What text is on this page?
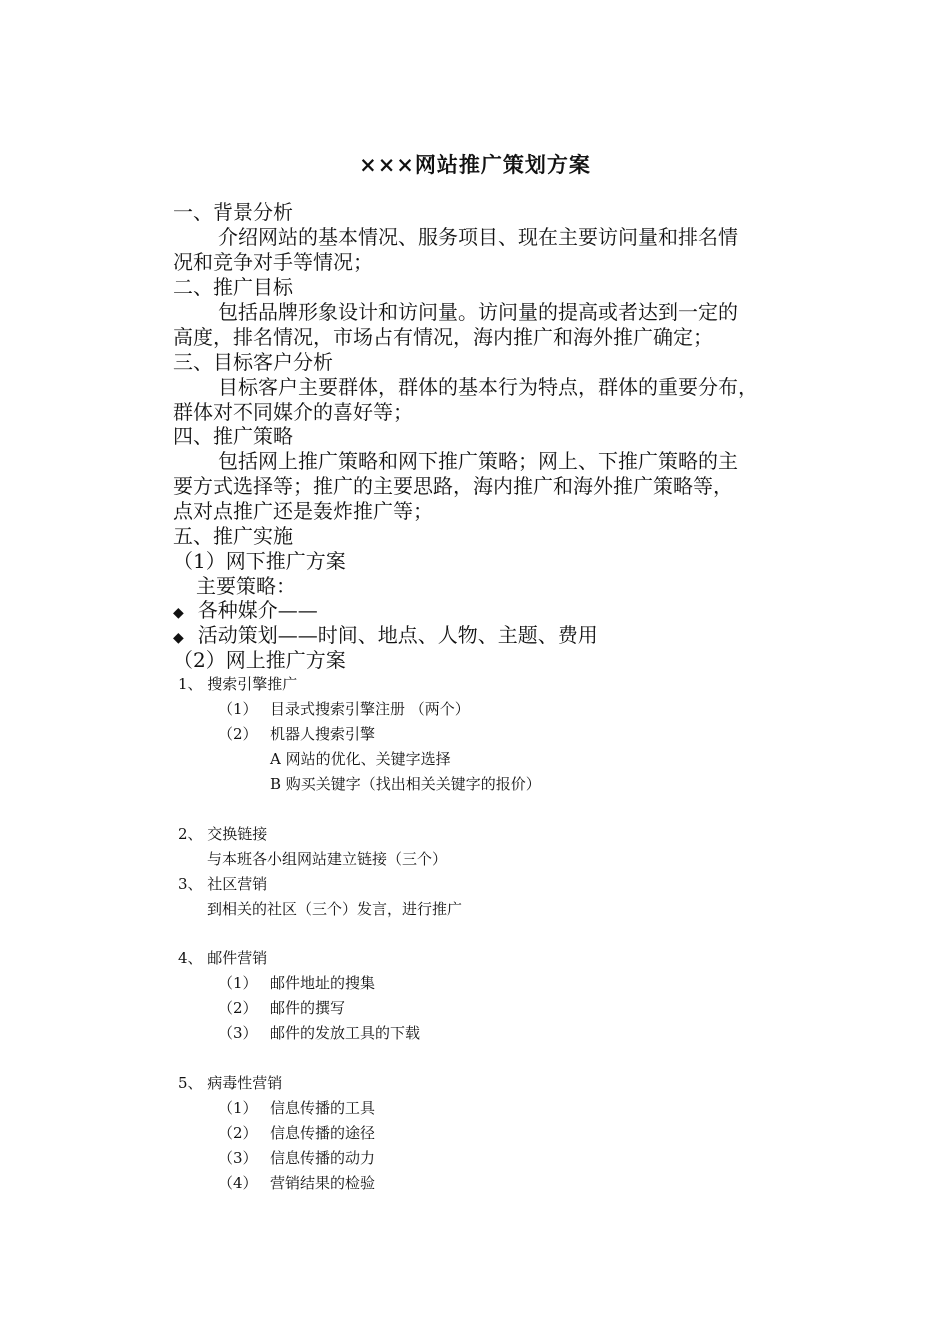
×××网站推广策划方案
一、背景分析
介绍网站的基本情况、服务项目、现在主要访问量和排名情
况和竞争对手等情况；
二、推广目标
包括品牌形象设计和访问量。访问量的提高或者达到一定的
高度，排名情况，市场占有情况，海内推广和海外推广确定；
三、目标客户分析
目标客户主要群体，群体的基本行为特点，群体的重要分布，
群体对不同媒介的喜好等；
四、推广策略
包括网上推广策略和网下推广策略；网上、下推广策略的主
要方式选择等；推广的主要思路，海内推广和海外推广策略等，
点对点推广还是轰炸推广等；
五、推广实施
（1）网下推广方案
主要策略：
◆ 各种媒介——
◆ 活动策划——时间、地点、人物、主题、费用
（2）网上推广方案
1、 搜索引擎推广
（1） 目录式搜索引擎注册 （两个）
（2） 机器人搜索引擎
A 网站的优化、关键字选择
B 购买关键字（找出相关关键字的报价）
2、 交换链接
与本班各小组网站建立链接（三个）
3、 社区营销
到相关的社区（三个）发言，进行推广
4、 邮件营销
（1） 邮件地址的搜集
（2） 邮件的撰写
（3） 邮件的发放工具的下载
5、 病毒性营销
（1） 信息传播的工具
（2） 信息传播的途径
（3） 信息传播的动力
（4） 营销结果的检验
